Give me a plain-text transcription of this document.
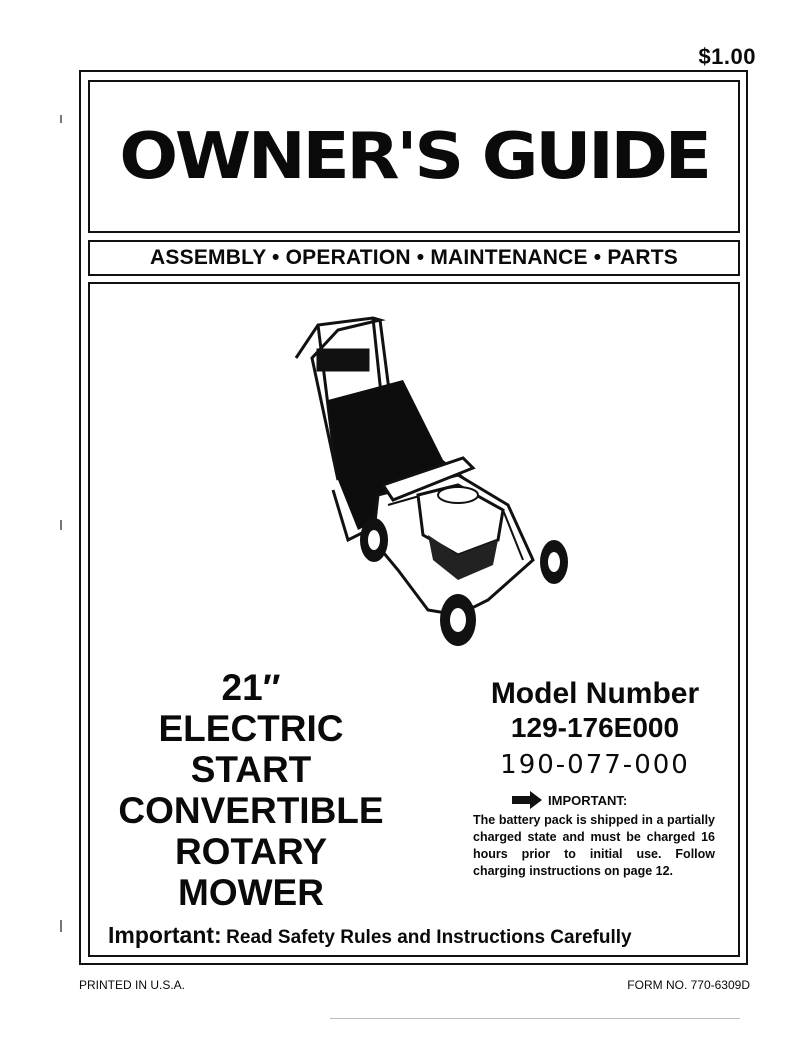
$1.00
OWNER'S GUIDE
ASSEMBLY • OPERATION • MAINTENANCE • PARTS
21″
ELECTRIC
START
CONVERTIBLE
ROTARY
MOWER
Model Number
129-176E000
190-077-000
IMPORTANT:
The battery pack is shipped in a partially charged state and must be charged 16 hours prior to initial use. Follow charging instructions on page 12.
Important: Read Safety Rules and Instructions Carefully
PRINTED IN U.S.A.	FORM NO. 770-6309D
